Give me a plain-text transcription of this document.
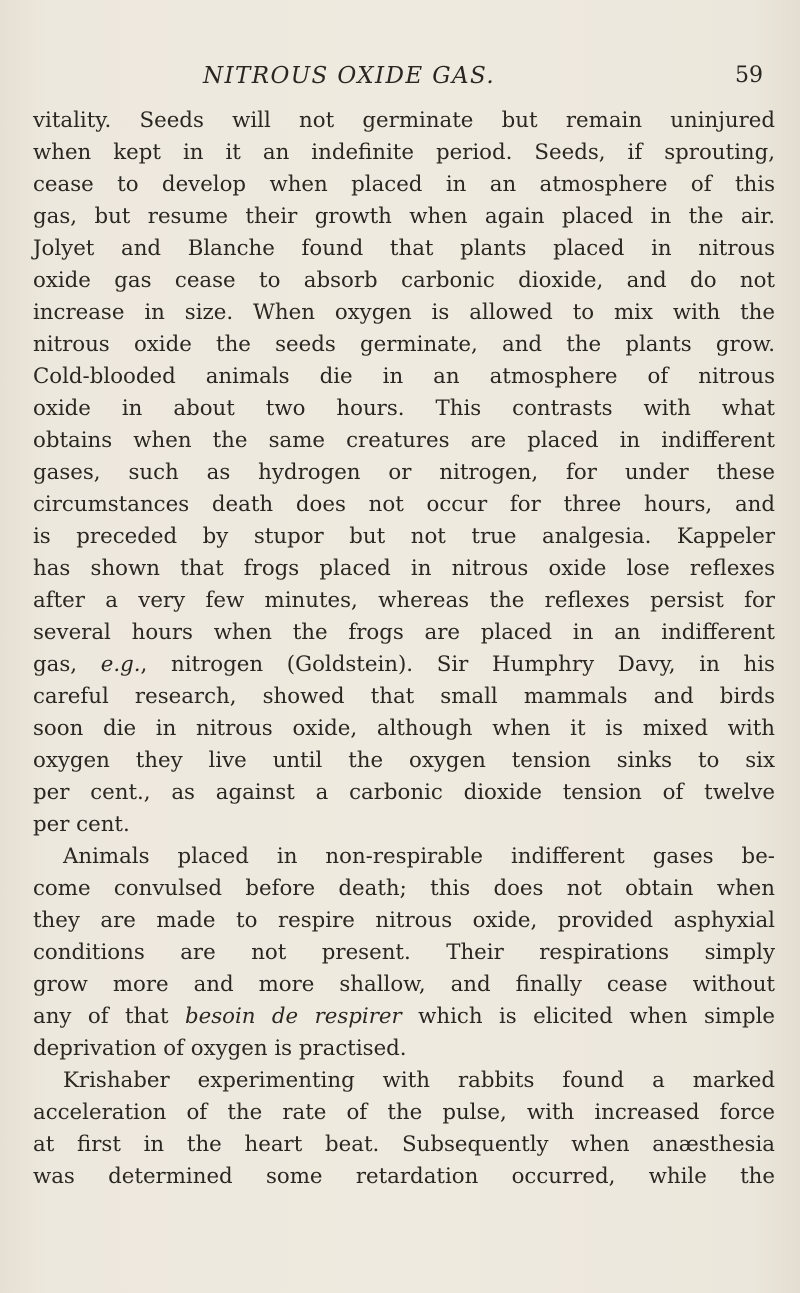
NITROUS OXIDE GAS.	59
vitality. Seeds will not germinate but remain uninjured
when kept in it an indefinite period. Seeds, if sprouting,
cease to develop when placed in an atmosphere of this
gas, but resume their growth when again placed in the air.
Jolyet and Blanche found that plants placed in nitrous
oxide gas cease to absorb carbonic dioxide, and do not
increase in size. When oxygen is allowed to mix with the
nitrous oxide the seeds germinate, and the plants grow.
Cold-blooded animals die in an atmosphere of nitrous
oxide in about two hours. This contrasts with what
obtains when the same creatures are placed in indifferent
gases, such as hydrogen or nitrogen, for under these
circumstances death does not occur for three hours, and
is preceded by stupor but not true analgesia. Kappeler
has shown that frogs placed in nitrous oxide lose reflexes
after a very few minutes, whereas the reflexes persist for
several hours when the frogs are placed in an indifferent
gas, e.g., nitrogen (Goldstein). Sir Humphry Davy, in his
careful research, showed that small mammals and birds
soon die in nitrous oxide, although when it is mixed with
oxygen they live until the oxygen tension sinks to six
per cent., as against a carbonic dioxide tension of twelve
per cent.
Animals placed in non-respirable indifferent gases be-
come convulsed before death; this does not obtain when
they are made to respire nitrous oxide, provided asphyxial
conditions are not present. Their respirations simply
grow more and more shallow, and finally cease without
any of that besoin de respirer which is elicited when simple
deprivation of oxygen is practised.
Krishaber experimenting with rabbits found a marked
acceleration of the rate of the pulse, with increased force
at first in the heart beat. Subsequently when anæsthesia
was determined some retardation occurred, while the
